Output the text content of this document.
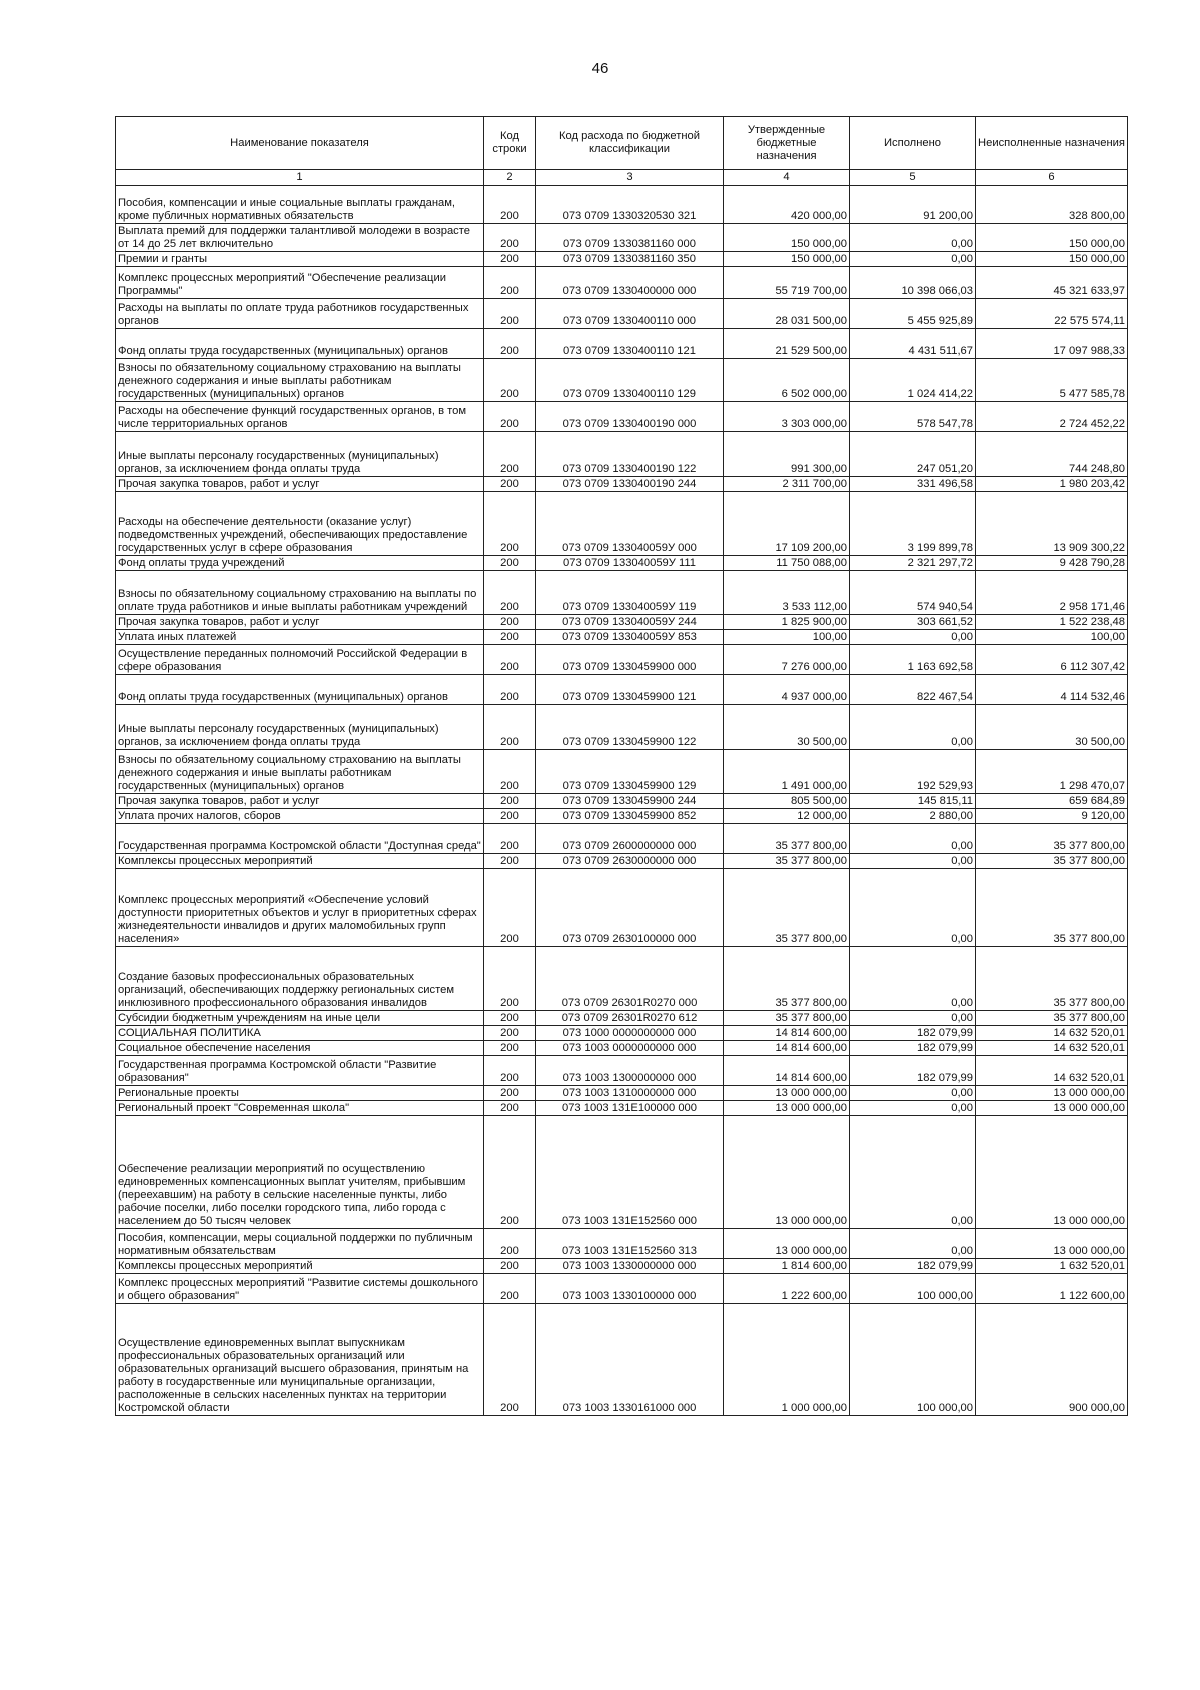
46
Наименование показателя	Код строки	Код расхода по бюджетной классификации	Утвержденные бюджетные назначения	Исполнено	Неисполненные назначения
1	2	3	4	5	6
Пособия, компенсации и иные социальные выплаты гражданам, кроме публичных нормативных обязательств	200	073 0709 1330320530 321	420 000,00	91 200,00	328 800,00
Выплата премий для поддержки талантливой молодежи в возрасте от 14 до 25 лет включительно	200	073 0709 1330381160 000	150 000,00	0,00	150 000,00
Премии и гранты	200	073 0709 1330381160 350	150 000,00	0,00	150 000,00
Комплекс процессных мероприятий "Обеспечение реализации Программы"	200	073 0709 1330400000 000	55 719 700,00	10 398 066,03	45 321 633,97
Расходы на выплаты по оплате труда работников государственных органов	200	073 0709 1330400110 000	28 031 500,00	5 455 925,89	22 575 574,11
Фонд оплаты труда государственных (муниципальных) органов	200	073 0709 1330400110 121	21 529 500,00	4 431 511,67	17 097 988,33
Взносы по обязательному социальному страхованию на выплаты денежного содержания и иные выплаты работникам государственных (муниципальных) органов	200	073 0709 1330400110 129	6 502 000,00	1 024 414,22	5 477 585,78
Расходы на обеспечение функций государственных органов, в том числе территориальных органов	200	073 0709 1330400190 000	3 303 000,00	578 547,78	2 724 452,22
Иные выплаты персоналу государственных (муниципальных) органов, за исключением фонда оплаты труда	200	073 0709 1330400190 122	991 300,00	247 051,20	744 248,80
Прочая закупка товаров, работ и услуг	200	073 0709 1330400190 244	2 311 700,00	331 496,58	1 980 203,42
Расходы на обеспечение деятельности (оказание услуг) подведомственных учреждений, обеспечивающих предоставление государственных услуг в сфере образования	200	073 0709 133040059У 000	17 109 200,00	3 199 899,78	13 909 300,22
Фонд оплаты труда учреждений	200	073 0709 133040059У 111	11 750 088,00	2 321 297,72	9 428 790,28
Взносы по обязательному социальному страхованию на выплаты по оплате труда работников и иные выплаты работникам учреждений	200	073 0709 133040059У 119	3 533 112,00	574 940,54	2 958 171,46
Прочая закупка товаров, работ и услуг	200	073 0709 133040059У 244	1 825 900,00	303 661,52	1 522 238,48
Уплата иных платежей	200	073 0709 133040059У 853	100,00	0,00	100,00
Осуществление переданных полномочий Российской Федерации в сфере образования	200	073 0709 1330459900 000	7 276 000,00	1 163 692,58	6 112 307,42
Фонд оплаты труда государственных (муниципальных) органов	200	073 0709 1330459900 121	4 937 000,00	822 467,54	4 114 532,46
Иные выплаты персоналу государственных (муниципальных) органов, за исключением фонда оплаты труда	200	073 0709 1330459900 122	30 500,00	0,00	30 500,00
Взносы по обязательному социальному страхованию на выплаты денежного содержания и иные выплаты работникам государственных (муниципальных) органов	200	073 0709 1330459900 129	1 491 000,00	192 529,93	1 298 470,07
Прочая закупка товаров, работ и услуг	200	073 0709 1330459900 244	805 500,00	145 815,11	659 684,89
Уплата прочих налогов, сборов	200	073 0709 1330459900 852	12 000,00	2 880,00	9 120,00
Государственная программа Костромской области "Доступная среда"	200	073 0709 2600000000 000	35 377 800,00	0,00	35 377 800,00
Комплексы процессных мероприятий	200	073 0709 2630000000 000	35 377 800,00	0,00	35 377 800,00
Комплекс процессных мероприятий «Обеспечение условий доступности приоритетных объектов и услуг в приоритетных сферах жизнедеятельности инвалидов и других маломобильных групп населения»	200	073 0709 2630100000 000	35 377 800,00	0,00	35 377 800,00
Создание базовых профессиональных образовательных организаций, обеспечивающих поддержку региональных систем инклюзивного профессионального образования инвалидов	200	073 0709 26301R0270 000	35 377 800,00	0,00	35 377 800,00
Субсидии бюджетным учреждениям на иные цели	200	073 0709 26301R0270 612	35 377 800,00	0,00	35 377 800,00
СОЦИАЛЬНАЯ ПОЛИТИКА	200	073 1000 0000000000 000	14 814 600,00	182 079,99	14 632 520,01
Социальное обеспечение населения	200	073 1003 0000000000 000	14 814 600,00	182 079,99	14 632 520,01
Государственная программа Костромской области "Развитие образования"	200	073 1003 1300000000 000	14 814 600,00	182 079,99	14 632 520,01
Региональные проекты	200	073 1003 1310000000 000	13 000 000,00	0,00	13 000 000,00
Региональный проект "Современная школа"	200	073 1003 131Е100000 000	13 000 000,00	0,00	13 000 000,00
Обеспечение реализации мероприятий по осуществлению единовременных компенсационных выплат учителям, прибывшим (переехавшим) на работу в сельские населенные пункты, либо рабочие поселки, либо поселки городского типа, либо города с населением до 50 тысяч человек	200	073 1003 131Е152560 000	13 000 000,00	0,00	13 000 000,00
Пособия, компенсации, меры социальной поддержки по публичным нормативным обязательствам	200	073 1003 131Е152560 313	13 000 000,00	0,00	13 000 000,00
Комплексы процессных мероприятий	200	073 1003 1330000000 000	1 814 600,00	182 079,99	1 632 520,01
Комплекс процессных мероприятий "Развитие системы дошкольного и общего образования"	200	073 1003 1330100000 000	1 222 600,00	100 000,00	1 122 600,00
Осуществление единовременных выплат выпускникам профессиональных образовательных организаций или образовательных организаций высшего образования, принятым на работу в государственные или муниципальные организации, расположенные в сельских населенных пунктах на территории Костромской области	200	073 1003 1330161000 000	1 000 000,00	100 000,00	900 000,00
